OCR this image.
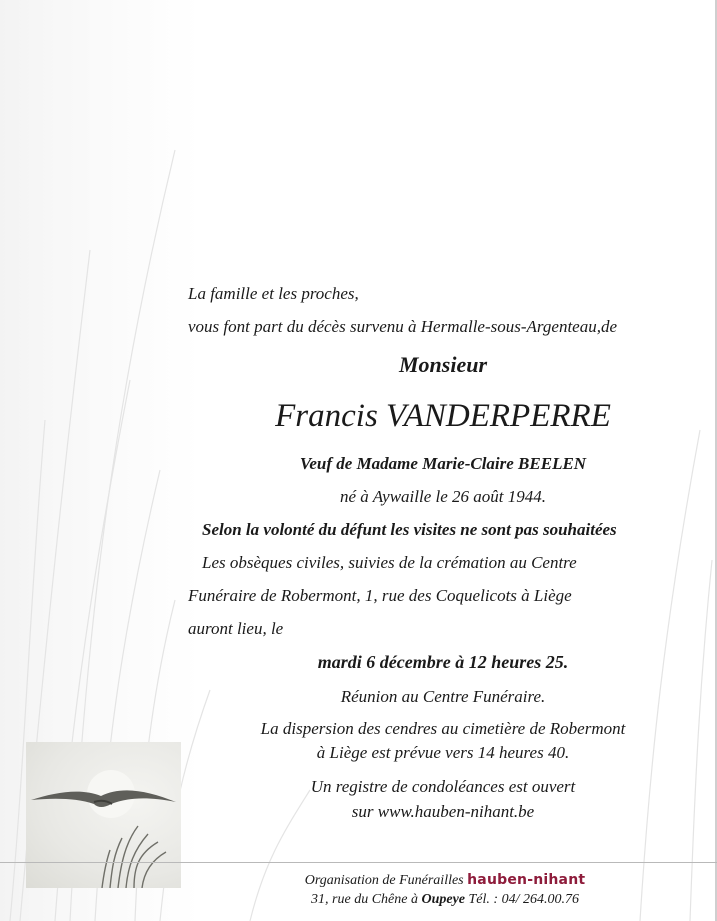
La famille et les proches,
vous font part du décès survenu à Hermalle-sous-Argenteau,de
Monsieur
Francis VANDERPERRE
Veuf de Madame Marie-Claire BEELEN
né à Aywaille le 26 août 1944.
Selon la volonté du défunt les visites ne sont pas souhaitées
Les obsèques civiles, suivies de la crémation au Centre
Funéraire de Robermont, 1, rue des Coquelicots à Liège
auront lieu, le
mardi 6 décembre à 12 heures 25.
Réunion au Centre Funéraire.
La dispersion des cendres au cimetière de Robermont
à Liège est prévue vers 14 heures 40.
Un registre de condoléances est ouvert
sur www.hauben-nihant.be
Organisation de Funérailles hauben-nihant
31, rue du Chêne à Oupeye Tél. : 04/ 264.00.76
